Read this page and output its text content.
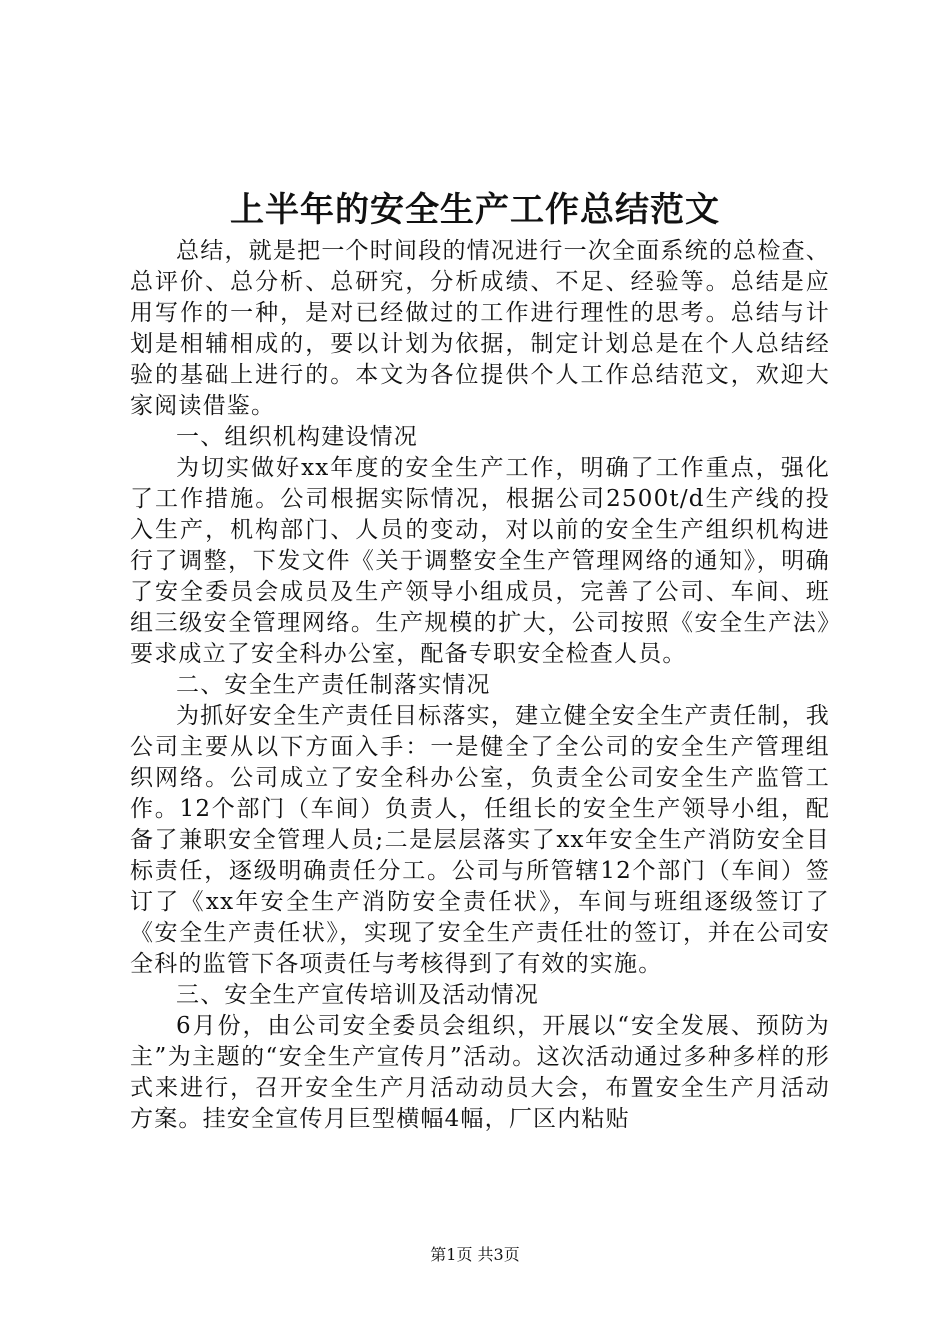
上半年的安全生产工作总结范文

总结，就是把一个时间段的情况进行一次全面系统的总检查、总评价、总分析、总研究，分析成绩、不足、经验等。总结是应用写作的一种，是对已经做过的工作进行理性的思考。总结与计划是相辅相成的，要以计划为依据，制定计划总是在个人总结经验的基础上进行的。本文为各位提供个人工作总结范文，欢迎大家阅读借鉴。

一、组织机构建设情况

为切实做好xx年度的安全生产工作，明确了工作重点，强化了工作措施。公司根据实际情况，根据公司2500t/d生产线的投入生产，机构部门、人员的变动，对以前的安全生产组织机构进行了调整，下发文件《关于调整安全生产管理网络的通知》，明确了安全委员会成员及生产领导小组成员，完善了公司、车间、班组三级安全管理网络。生产规模的扩大，公司按照《安全生产法》要求成立了安全科办公室，配备专职安全检查人员。

二、安全生产责任制落实情况

为抓好安全生产责任目标落实，建立健全安全生产责任制，我公司主要从以下方面入手：一是健全了全公司的安全生产管理组织网络。公司成立了安全科办公室，负责全公司安全生产监管工作。12个部门（车间）负责人，任组长的安全生产领导小组，配备了兼职安全管理人员;二是层层落实了xx年安全生产消防安全目标责任，逐级明确责任分工。公司与所管辖12个部门（车间）签订了《xx年安全生产消防安全责任状》，车间与班组逐级签订了《安全生产责任状》，实现了安全生产责任壮的签订，并在公司安全科的监管下各项责任与考核得到了有效的实施。

三、安全生产宣传培训及活动情况

6月份，由公司安全委员会组织，开展以“安全发展、预防为主”为主题的“安全生产宣传月”活动。这次活动通过多种多样的形式来进行，召开安全生产月活动动员大会，布置安全生产月活动方案。挂安全宣传月巨型横幅4幅，厂区内粘贴

第1页 共3页
